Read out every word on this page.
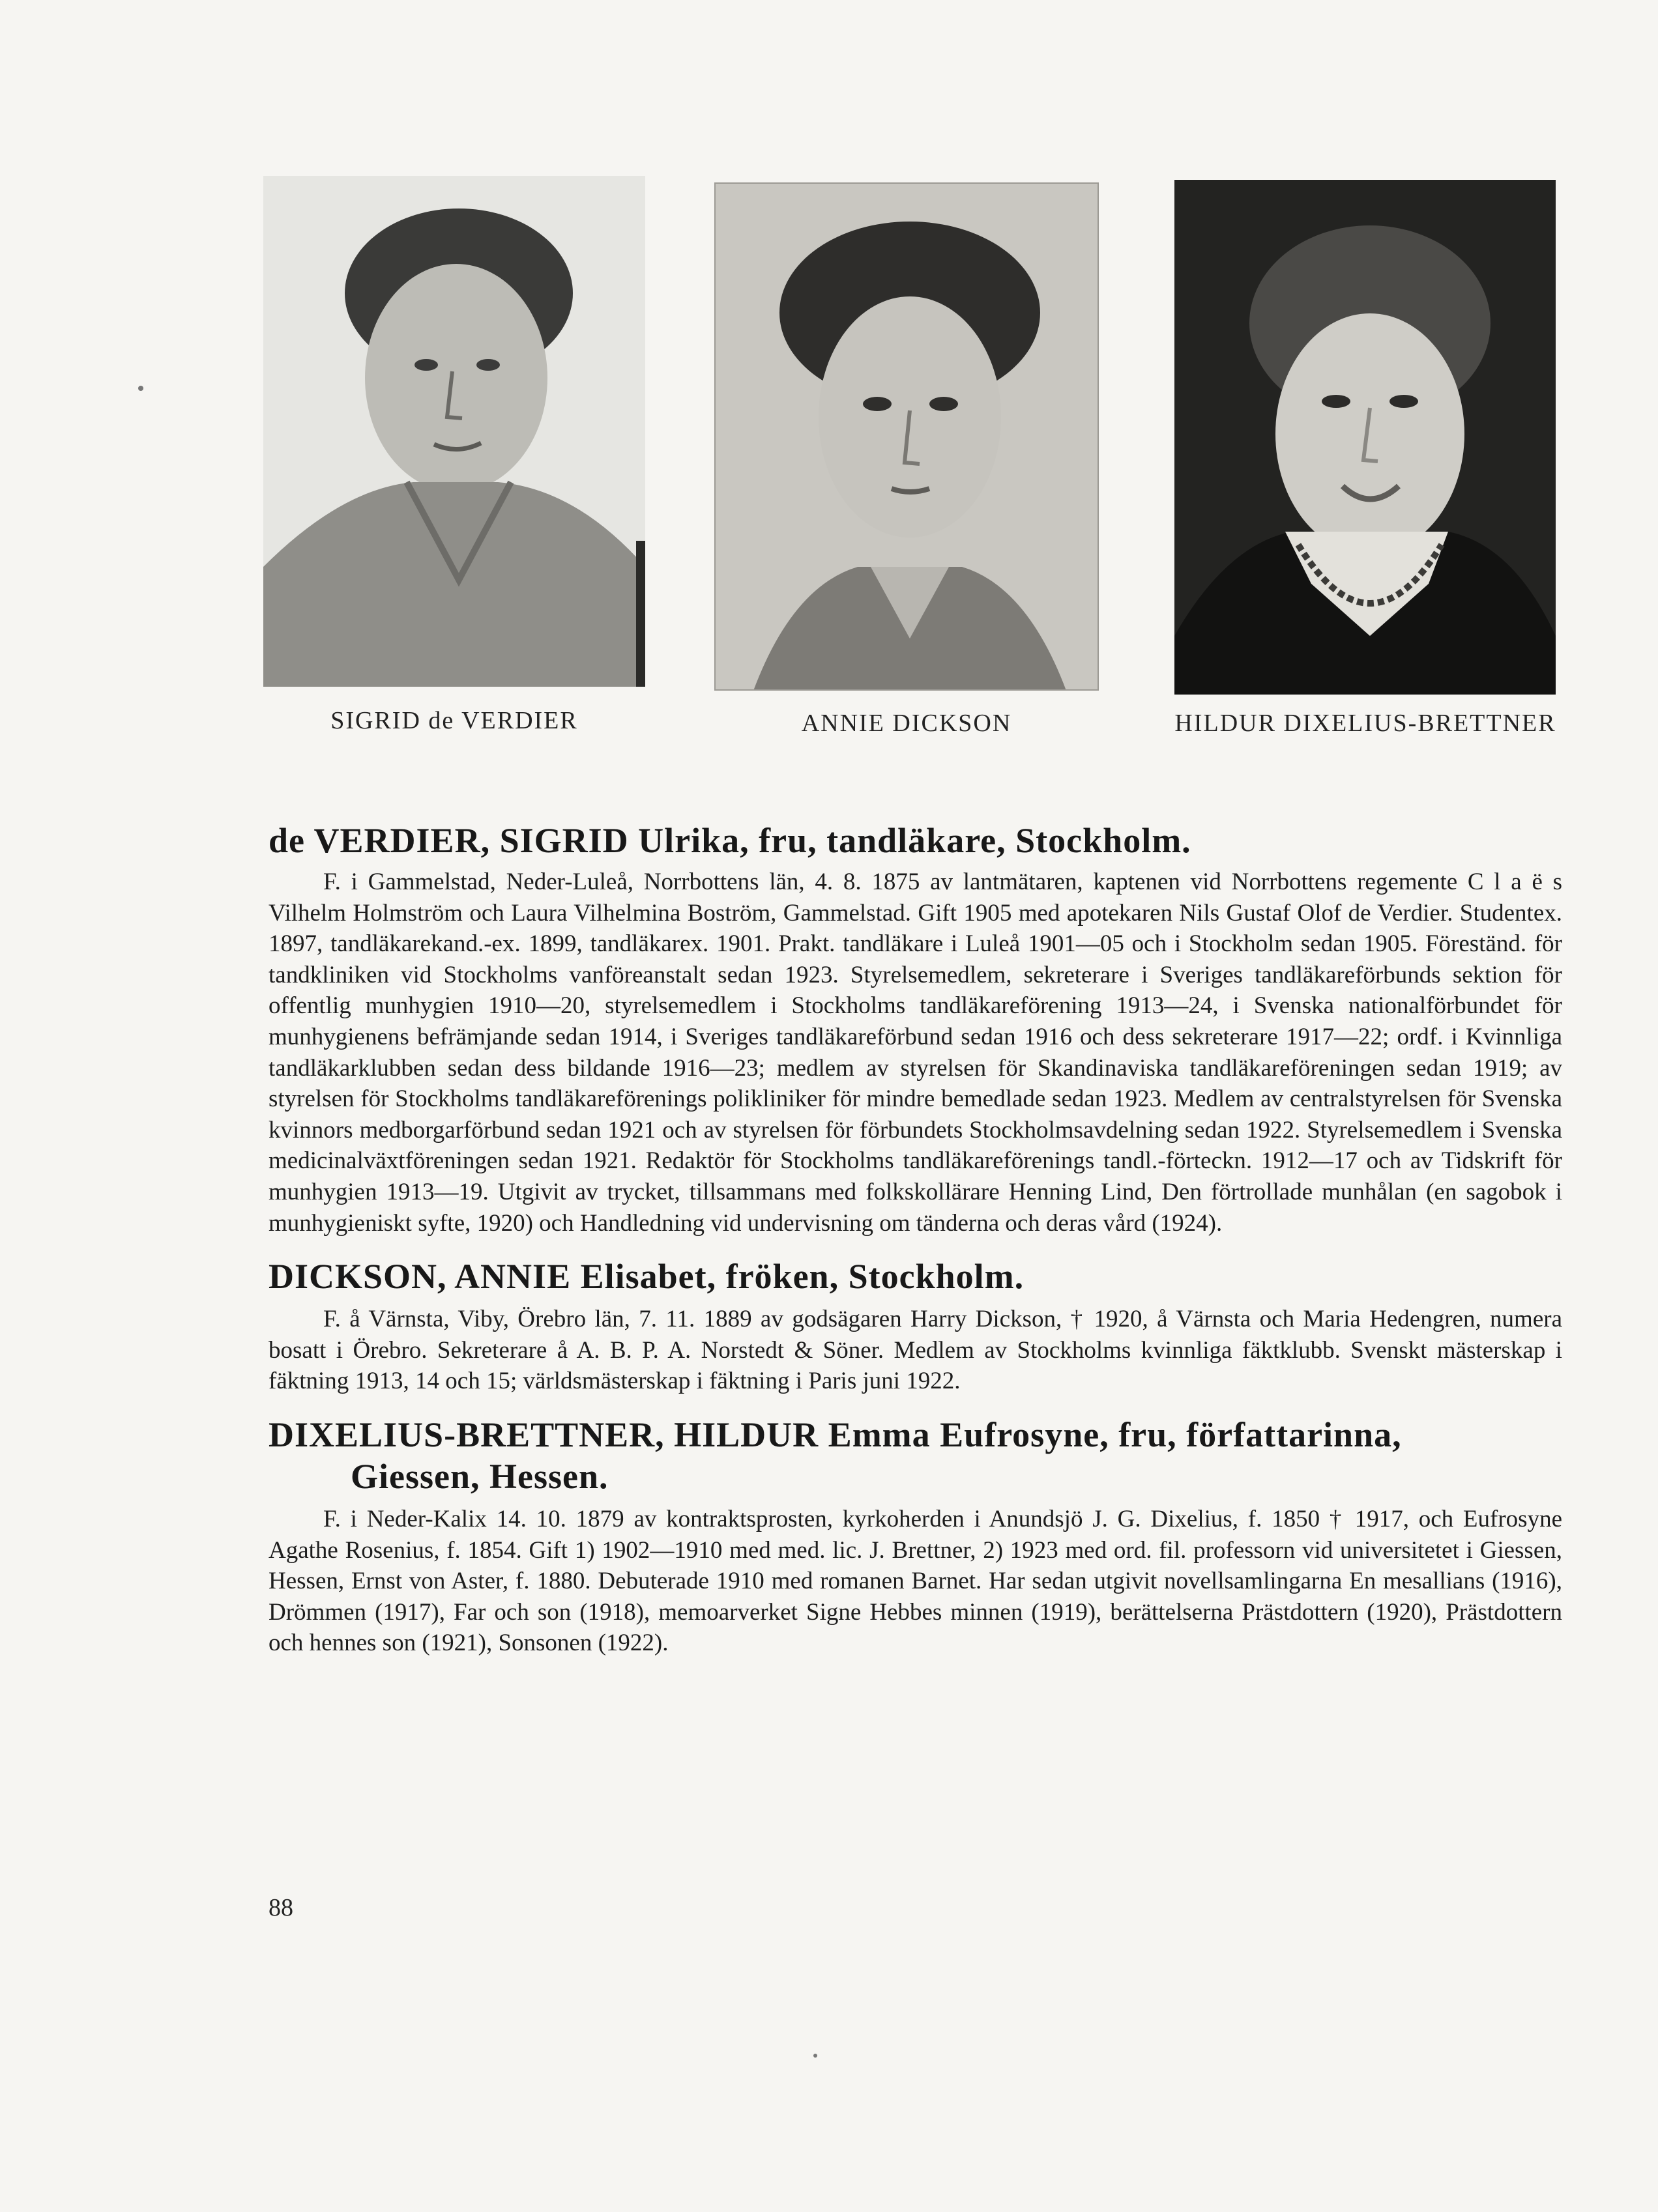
SIGRID de VERDIER	ANNIE DICKSON	HILDUR DIXELIUS-BRETTNER
de VERDIER, SIGRID Ulrika, fru, tandläkare, Stockholm.

F. i Gammelstad, Neder-Luleå, Norrbottens län, 4. 8. 1875 av lantmätaren, kaptenen vid Norrbottens regemente C l a ë s Vilhelm Holmström och Laura Vilhelmina Boström, Gammelstad. Gift 1905 med apotekaren Nils Gustaf Olof de Verdier. Studentex. 1897, tandläkarekand.-ex. 1899, tandläkarex. 1901. Prakt. tandläkare i Luleå 1901—05 och i Stockholm sedan 1905. Föreständ. för tandkliniken vid Stockholms vanföreanstalt sedan 1923. Styrelsemedlem, sekreterare i Sveriges tandläkareförbunds sektion för offentlig munhygien 1910—20, styrelsemedlem i Stockholms tandläkareförening 1913—24, i Svenska nationalförbundet för munhygienens befrämjande sedan 1914, i Sveriges tandläkareförbund sedan 1916 och dess sekreterare 1917—22; ordf. i Kvinnliga tandläkarklubben sedan dess bildande 1916—23; medlem av styrelsen för Skandinaviska tandläkareföreningen sedan 1919; av styrelsen för Stockholms tandläkareförenings polikliniker för mindre bemedlade sedan 1923. Medlem av centralstyrelsen för Svenska kvinnors medborgarförbund sedan 1921 och av styrelsen för förbundets Stockholmsavdelning sedan 1922. Styrelsemedlem i Svenska medicinalväxtföreningen sedan 1921. Redaktör för Stockholms tandläkareförenings tandl.-förteckn. 1912—17 och av Tidskrift för munhygien 1913—19. Utgivit av trycket, tillsammans med folkskollärare Henning Lind, Den förtrollade munhålan (en sagobok i munhygieniskt syfte, 1920) och Handledning vid undervisning om tänderna och deras vård (1924).

DICKSON, ANNIE Elisabet, fröken, Stockholm.

F. å Värnsta, Viby, Örebro län, 7. 11. 1889 av godsägaren Harry Dickson, † 1920, å Värnsta och Maria Hedengren, numera bosatt i Örebro. Sekreterare å A. B. P. A. Norstedt & Söner. Medlem av Stockholms kvinnliga fäktklubb. Svenskt mästerskap i fäktning 1913, 14 och 15; världsmästerskap i fäktning i Paris juni 1922.

DIXELIUS-BRETTNER, HILDUR Emma Eufrosyne, fru, författarinna,
Giessen, Hessen.

F. i Neder-Kalix 14. 10. 1879 av kontraktsprosten, kyrkoherden i Anundsjö J. G. Dixelius, f. 1850 † 1917, och Eufrosyne Agathe Rosenius, f. 1854. Gift 1) 1902—1910 med med. lic. J. Brettner, 2) 1923 med ord. fil. professorn vid universitetet i Giessen, Hessen, Ernst von Aster, f. 1880. Debuterade 1910 med romanen Barnet. Har sedan utgivit novellsamlingarna En mesallians (1916), Drömmen (1917), Far och son (1918), memoarverket Signe Hebbes minnen (1919), berättelserna Prästdottern (1920), Prästdottern och hennes son (1921), Sonsonen (1922).

88
